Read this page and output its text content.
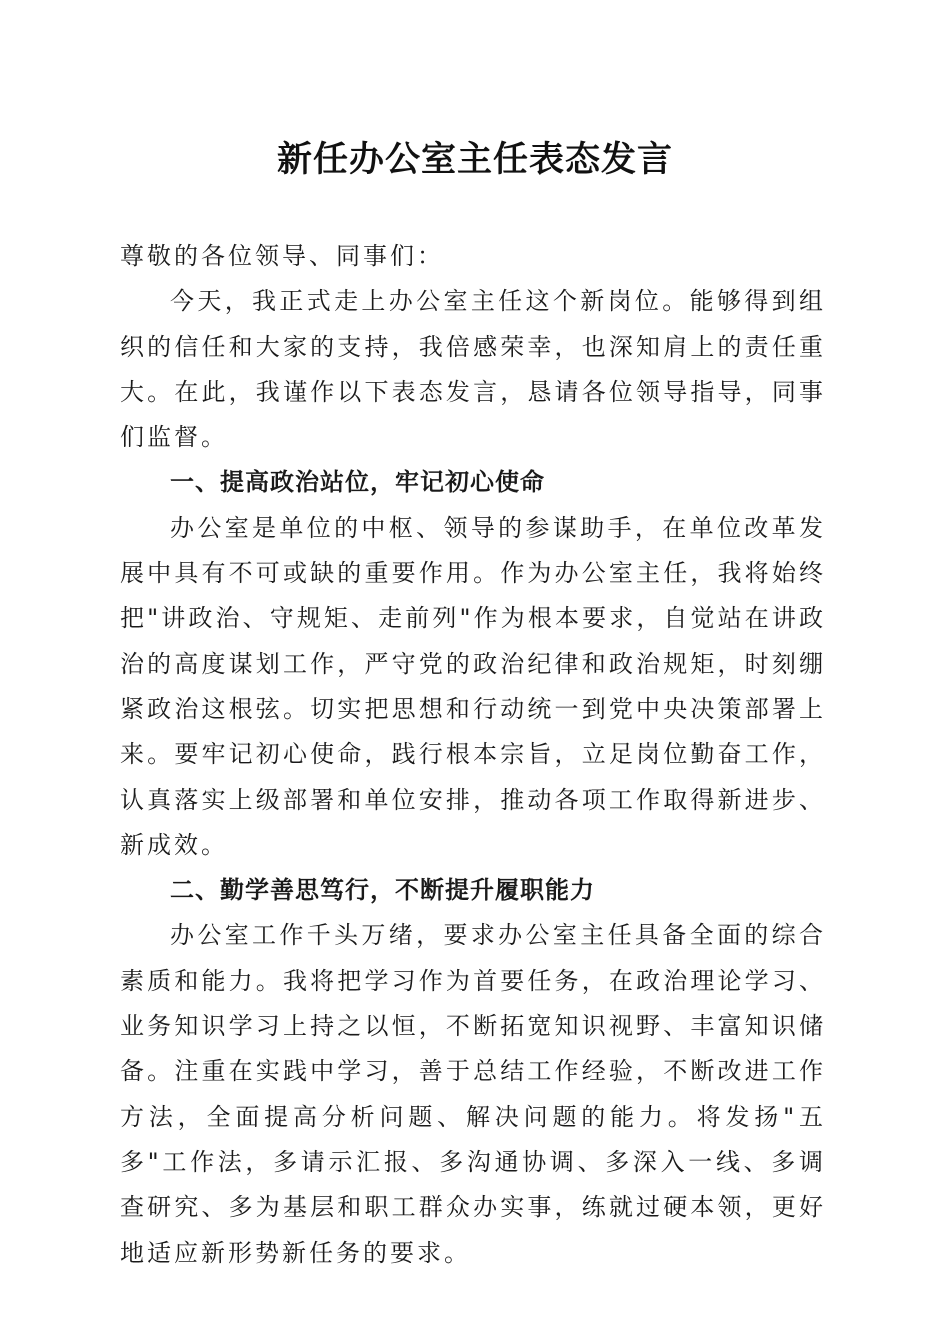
新任办公室主任表态发言

尊敬的各位领导、同事们：

今天，我正式走上办公室主任这个新岗位。能够得到组织的信任和大家的支持，我倍感荣幸，也深知肩上的责任重大。在此，我谨作以下表态发言，恳请各位领导指导，同事们监督。

一、提高政治站位，牢记初心使命

办公室是单位的中枢、领导的参谋助手，在单位改革发展中具有不可或缺的重要作用。作为办公室主任，我将始终把"讲政治、守规矩、走前列"作为根本要求，自觉站在讲政治的高度谋划工作，严守党的政治纪律和政治规矩，时刻绷紧政治这根弦。切实把思想和行动统一到党中央决策部署上来。要牢记初心使命，践行根本宗旨，立足岗位勤奋工作，认真落实上级部署和单位安排，推动各项工作取得新进步、新成效。

二、勤学善思笃行，不断提升履职能力

办公室工作千头万绪，要求办公室主任具备全面的综合素质和能力。我将把学习作为首要任务，在政治理论学习、业务知识学习上持之以恒，不断拓宽知识视野、丰富知识储备。注重在实践中学习，善于总结工作经验，不断改进工作方法，全面提高分析问题、解决问题的能力。将发扬"五多"工作法，多请示汇报、多沟通协调、多深入一线、多调查研究、多为基层和职工群众办实事，练就过硬本领，更好地适应新形势新任务的要求。
